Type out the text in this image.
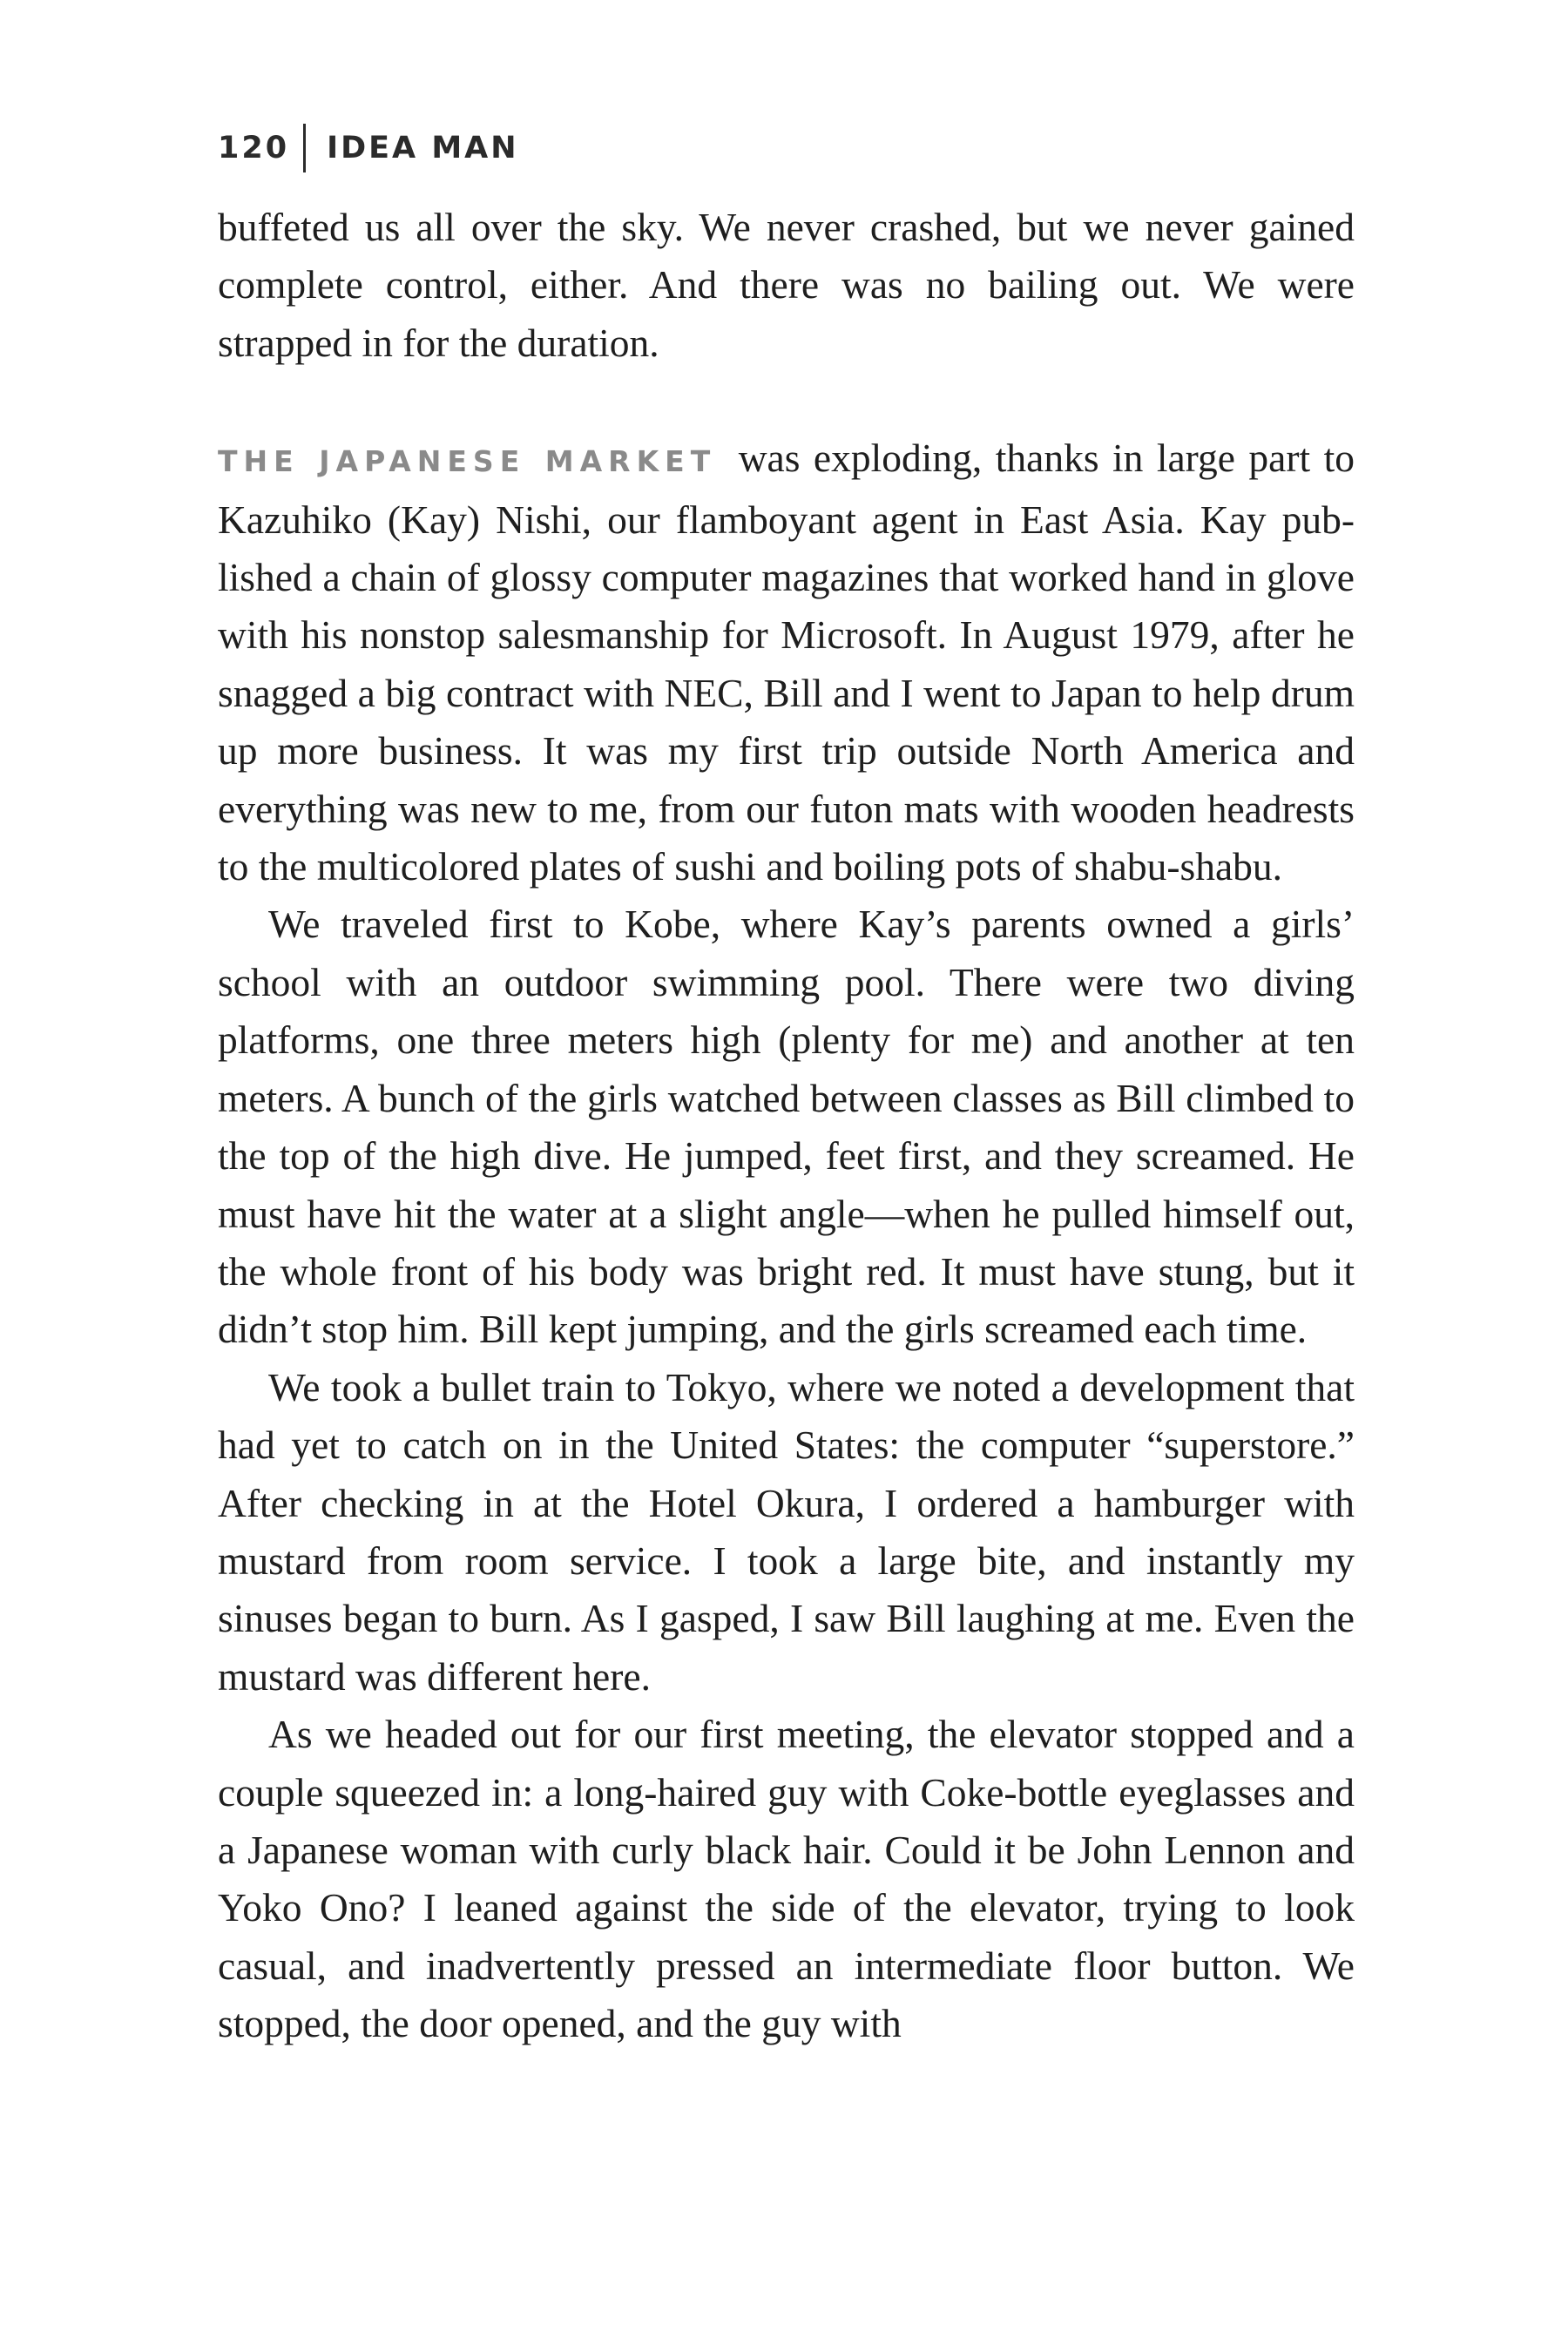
120	IDEA MAN

buffeted us all over the sky. We never crashed, but we never gained complete control, either. And there was no bailing out. We were strapped in for the duration.

THE JAPANESE MARKET was exploding, thanks in large part to Kazuhiko (Kay) Nishi, our flamboyant agent in East Asia. Kay published a chain of glossy computer magazines that worked hand in glove with his nonstop salesmanship for Microsoft. In August 1979, after he snagged a big contract with NEC, Bill and I went to Japan to help drum up more business. It was my first trip outside North America and everything was new to me, from our futon mats with wooden headrests to the multicolored plates of sushi and boiling pots of shabu-shabu.

We traveled first to Kobe, where Kay’s parents owned a girls’ school with an outdoor swimming pool. There were two diving platforms, one three meters high (plenty for me) and another at ten meters. A bunch of the girls watched between classes as Bill climbed to the top of the high dive. He jumped, feet first, and they screamed. He must have hit the water at a slight angle—when he pulled himself out, the whole front of his body was bright red. It must have stung, but it didn’t stop him. Bill kept jumping, and the girls screamed each time.

We took a bullet train to Tokyo, where we noted a development that had yet to catch on in the United States: the computer “superstore.” After checking in at the Hotel Okura, I ordered a hamburger with mustard from room service. I took a large bite, and instantly my sinuses began to burn. As I gasped, I saw Bill laughing at me. Even the mustard was different here.

As we headed out for our first meeting, the elevator stopped and a couple squeezed in: a long-haired guy with Coke-bottle eyeglasses and a Japanese woman with curly black hair. Could it be John Lennon and Yoko Ono? I leaned against the side of the elevator, trying to look casual, and inadvertently pressed an intermediate floor button. We stopped, the door opened, and the guy with
